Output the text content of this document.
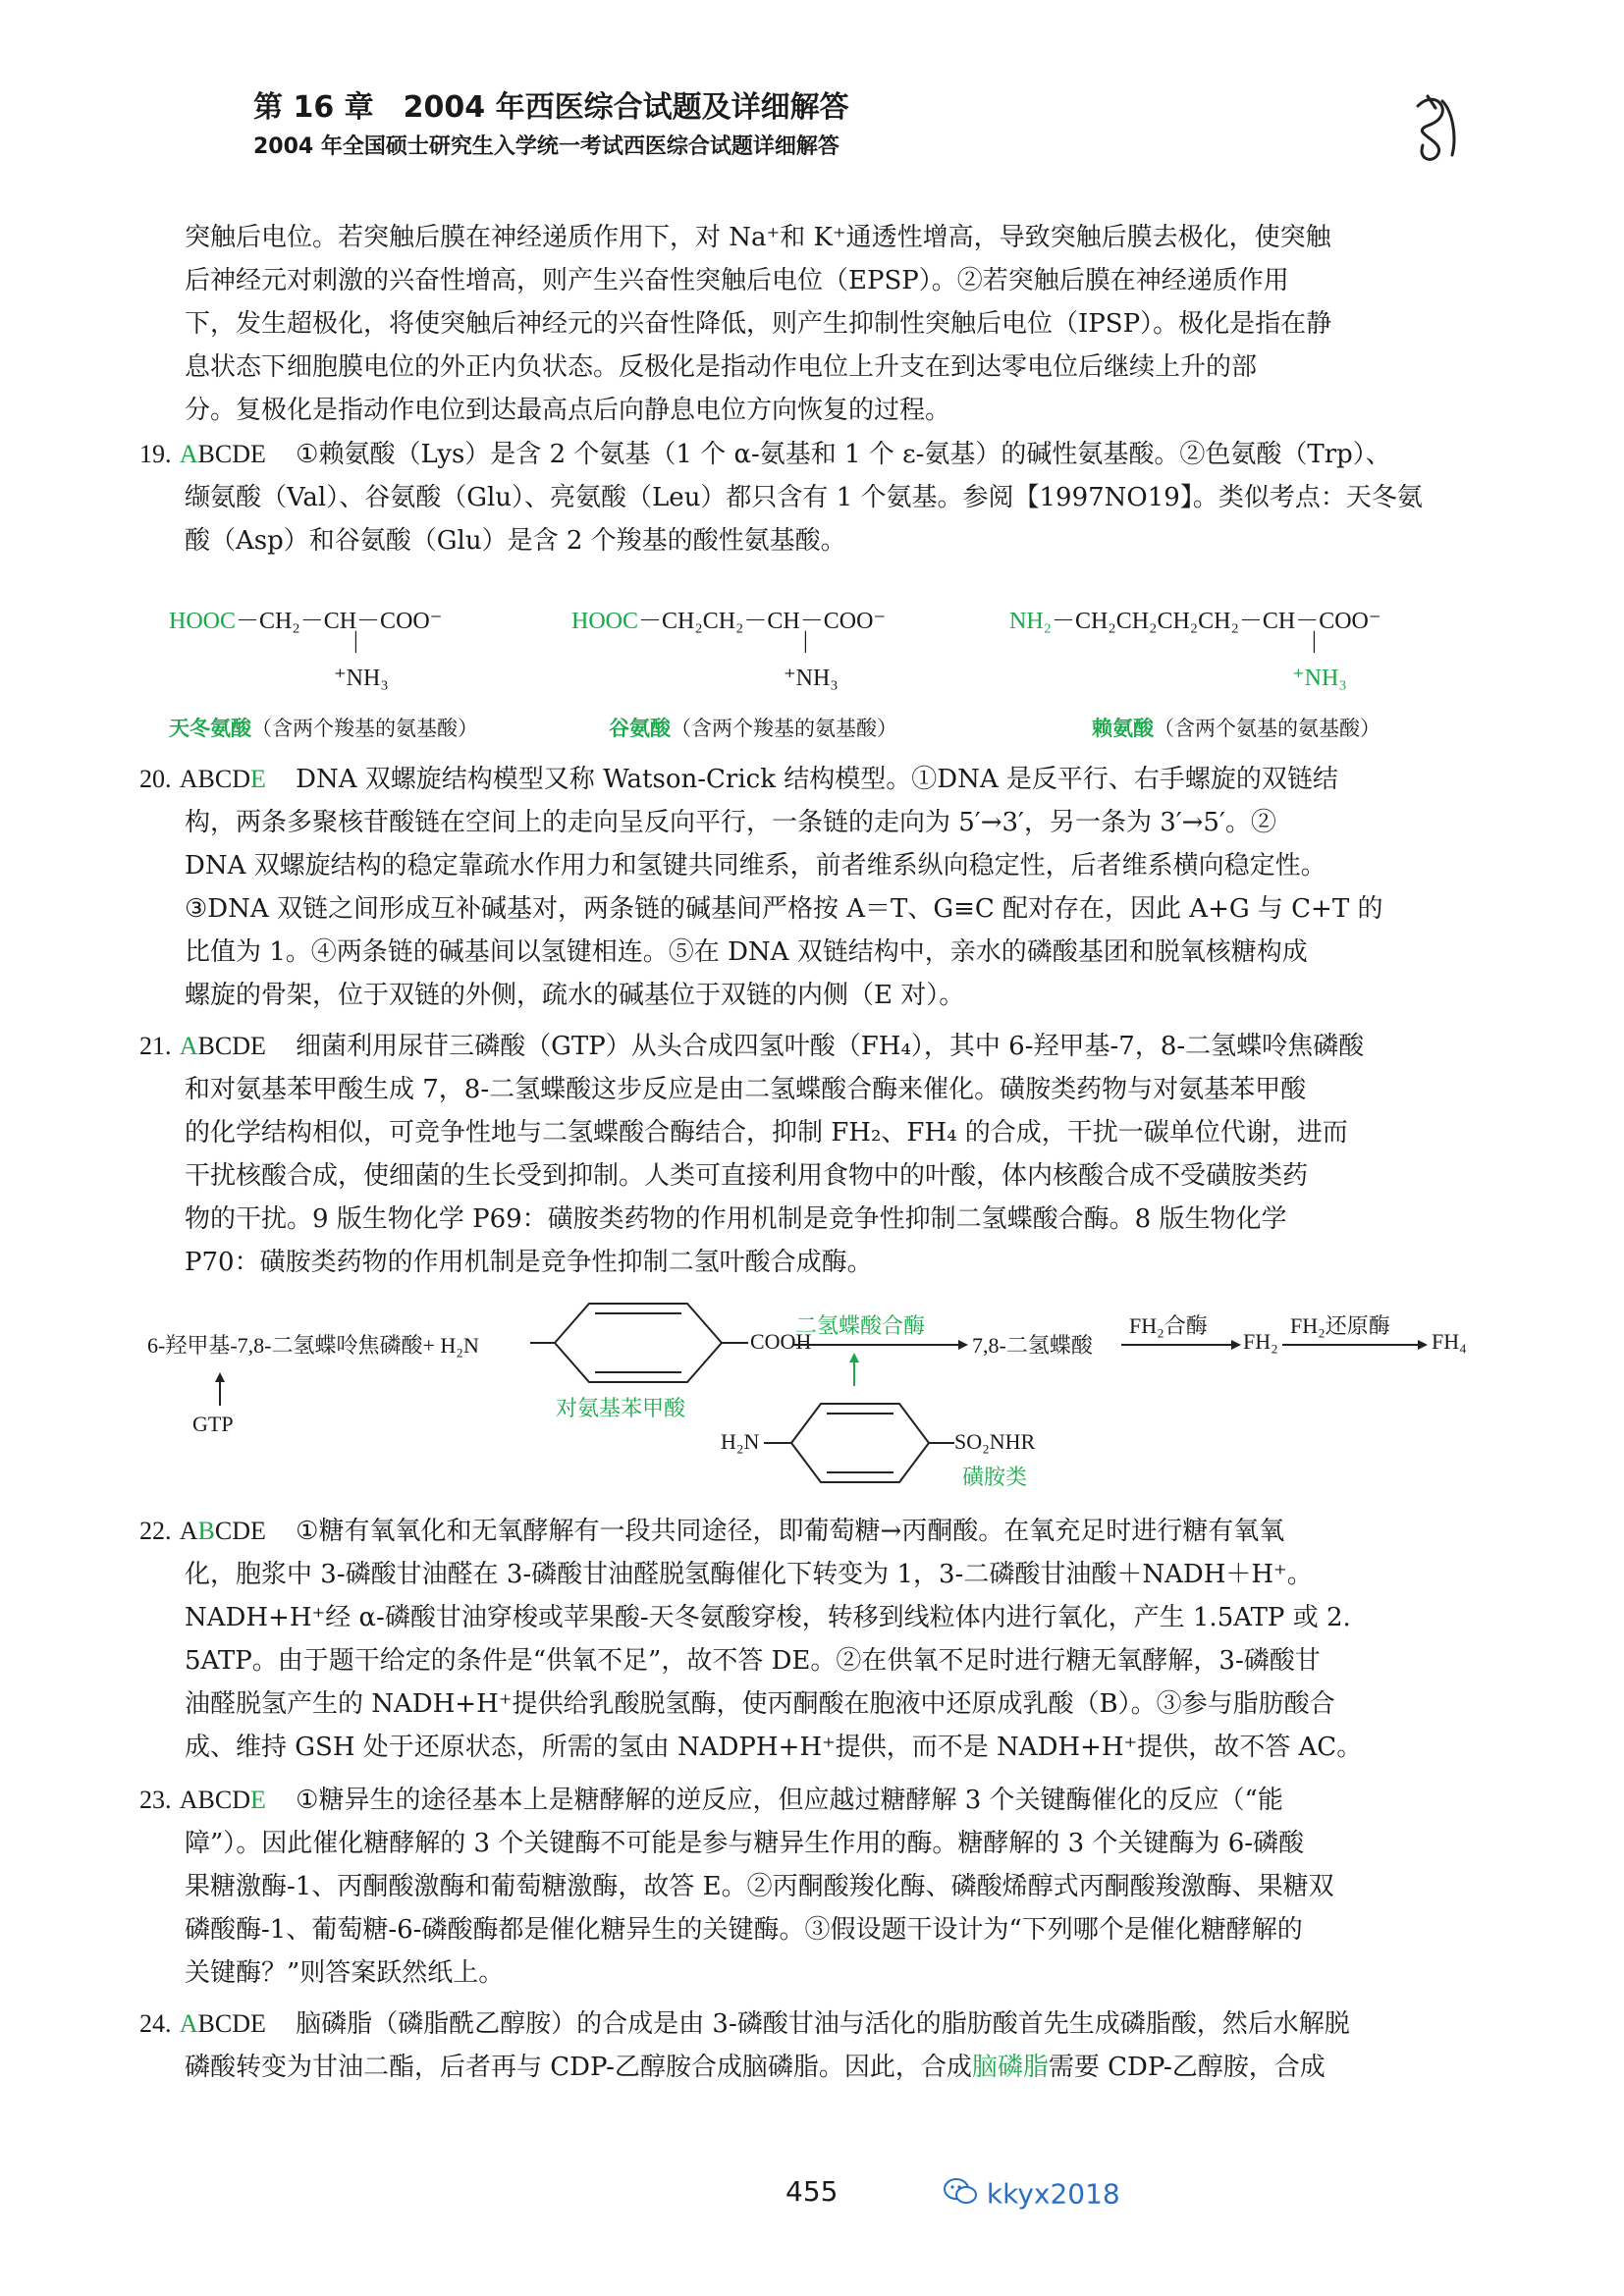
第 16 章　2004 年西医综合试题及详细解答
2004 年全国硕士研究生入学统一考试西医综合试题详细解答
突触后电位。若突触后膜在神经递质作用下，对 Na⁺和 K⁺通透性增高，导致突触后膜去极化，使突触
后神经元对刺激的兴奋性增高，则产生兴奋性突触后电位（EPSP）。②若突触后膜在神经递质作用
下，发生超极化，将使突触后神经元的兴奋性降低，则产生抑制性突触后电位（IPSP）。极化是指在静
息状态下细胞膜电位的外正内负状态。反极化是指动作电位上升支在到达零电位后继续上升的部
分。复极化是指动作电位到达最高点后向静息电位方向恢复的过程。
19. ABCDE ①赖氨酸（Lys）是含 2 个氨基（1 个 α-氨基和 1 个 ε-氨基）的碱性氨基酸。②色氨酸（Trp）、
缬氨酸（Val）、谷氨酸（Glu）、亮氨酸（Leu）都只含有 1 个氨基。参阅【1997NO19】。类似考点：天冬氨
酸（Asp）和谷氨酸（Glu）是含 2 个羧基的酸性氨基酸。
HOOC－CH₂－CH－COO⁻
|
⁺NH₃
天冬氨酸（含两个羧基的氨基酸）
HOOC－CH₂CH₂－CH－COO⁻
|
⁺NH₃
谷氨酸（含两个羧基的氨基酸）
NH₂－CH₂CH₂CH₂CH₂－CH－COO⁻
|
⁺NH₃
赖氨酸（含两个氨基的氨基酸）
20. ABCDE DNA 双螺旋结构模型又称 Watson-Crick 结构模型。①DNA 是反平行、右手螺旋的双链结
构，两条多聚核苷酸链在空间上的走向呈反向平行，一条链的走向为 5′→3′，另一条为 3′→5′。②
DNA 双螺旋结构的稳定靠疏水作用力和氢键共同维系，前者维系纵向稳定性，后者维系横向稳定性。
③DNA 双链之间形成互补碱基对，两条链的碱基间严格按 A＝T、G≡C 配对存在，因此 A+G 与 C+T 的
比值为 1。④两条链的碱基间以氢键相连。⑤在 DNA 双链结构中，亲水的磷酸基团和脱氧核糖构成
螺旋的骨架，位于双链的外侧，疏水的碱基位于双链的内侧（E 对）。
21. ABCDE 细菌利用尿苷三磷酸（GTP）从头合成四氢叶酸（FH₄），其中 6-羟甲基-7，8-二氢蝶呤焦磷酸
和对氨基苯甲酸生成 7，8-二氢蝶酸这步反应是由二氢蝶酸合酶来催化。磺胺类药物与对氨基苯甲酸
的化学结构相似，可竞争性地与二氢蝶酸合酶结合，抑制 FH₂、FH₄ 的合成，干扰一碳单位代谢，进而
干扰核酸合成，使细菌的生长受到抑制。人类可直接利用食物中的叶酸，体内核酸合成不受磺胺类药
物的干扰。9 版生物化学 P69：磺胺类药物的作用机制是竞争性抑制二氢蝶酸合酶。8 版生物化学
P70：磺胺类药物的作用机制是竞争性抑制二氢叶酸合成酶。
6-羟甲基-7,8-二氢蝶呤焦磷酸+ H₂N	COOH
对氨基苯甲酸
二氢蝶酸合酶
7,8-二氢蝶酸
FH₂合酶
FH₂
FH₂还原酶
FH₄
GTP
H₂N	SO₂NHR
磺胺类
22. ABCDE ①糖有氧氧化和无氧酵解有一段共同途径，即葡萄糖→丙酮酸。在氧充足时进行糖有氧氧
化，胞浆中 3-磷酸甘油醛在 3-磷酸甘油醛脱氢酶催化下转变为 1，3-二磷酸甘油酸＋NADH＋H⁺。
NADH+H⁺经 α-磷酸甘油穿梭或苹果酸-天冬氨酸穿梭，转移到线粒体内进行氧化，产生 1.5ATP 或 2.
5ATP。由于题干给定的条件是“供氧不足”，故不答 DE。②在供氧不足时进行糖无氧酵解，3-磷酸甘
油醛脱氢产生的 NADH+H⁺提供给乳酸脱氢酶，使丙酮酸在胞液中还原成乳酸（B）。③参与脂肪酸合
成、维持 GSH 处于还原状态，所需的氢由 NADPH+H⁺提供，而不是 NADH+H⁺提供，故不答 AC。
23. ABCDE ①糖异生的途径基本上是糖酵解的逆反应，但应越过糖酵解 3 个关键酶催化的反应（“能
障”）。因此催化糖酵解的 3 个关键酶不可能是参与糖异生作用的酶。糖酵解的 3 个关键酶为 6-磷酸
果糖激酶-1、丙酮酸激酶和葡萄糖激酶，故答 E。②丙酮酸羧化酶、磷酸烯醇式丙酮酸羧激酶、果糖双
磷酸酶-1、葡萄糖-6-磷酸酶都是催化糖异生的关键酶。③假设题干设计为“下列哪个是催化糖酵解的
关键酶？”则答案跃然纸上。
24. ABCDE 脑磷脂（磷脂酰乙醇胺）的合成是由 3-磷酸甘油与活化的脂肪酸首先生成磷脂酸，然后水解脱
磷酸转变为甘油二酯，后者再与 CDP-乙醇胺合成脑磷脂。因此，合成脑磷脂需要 CDP-乙醇胺，合成
455	kkyx2018
